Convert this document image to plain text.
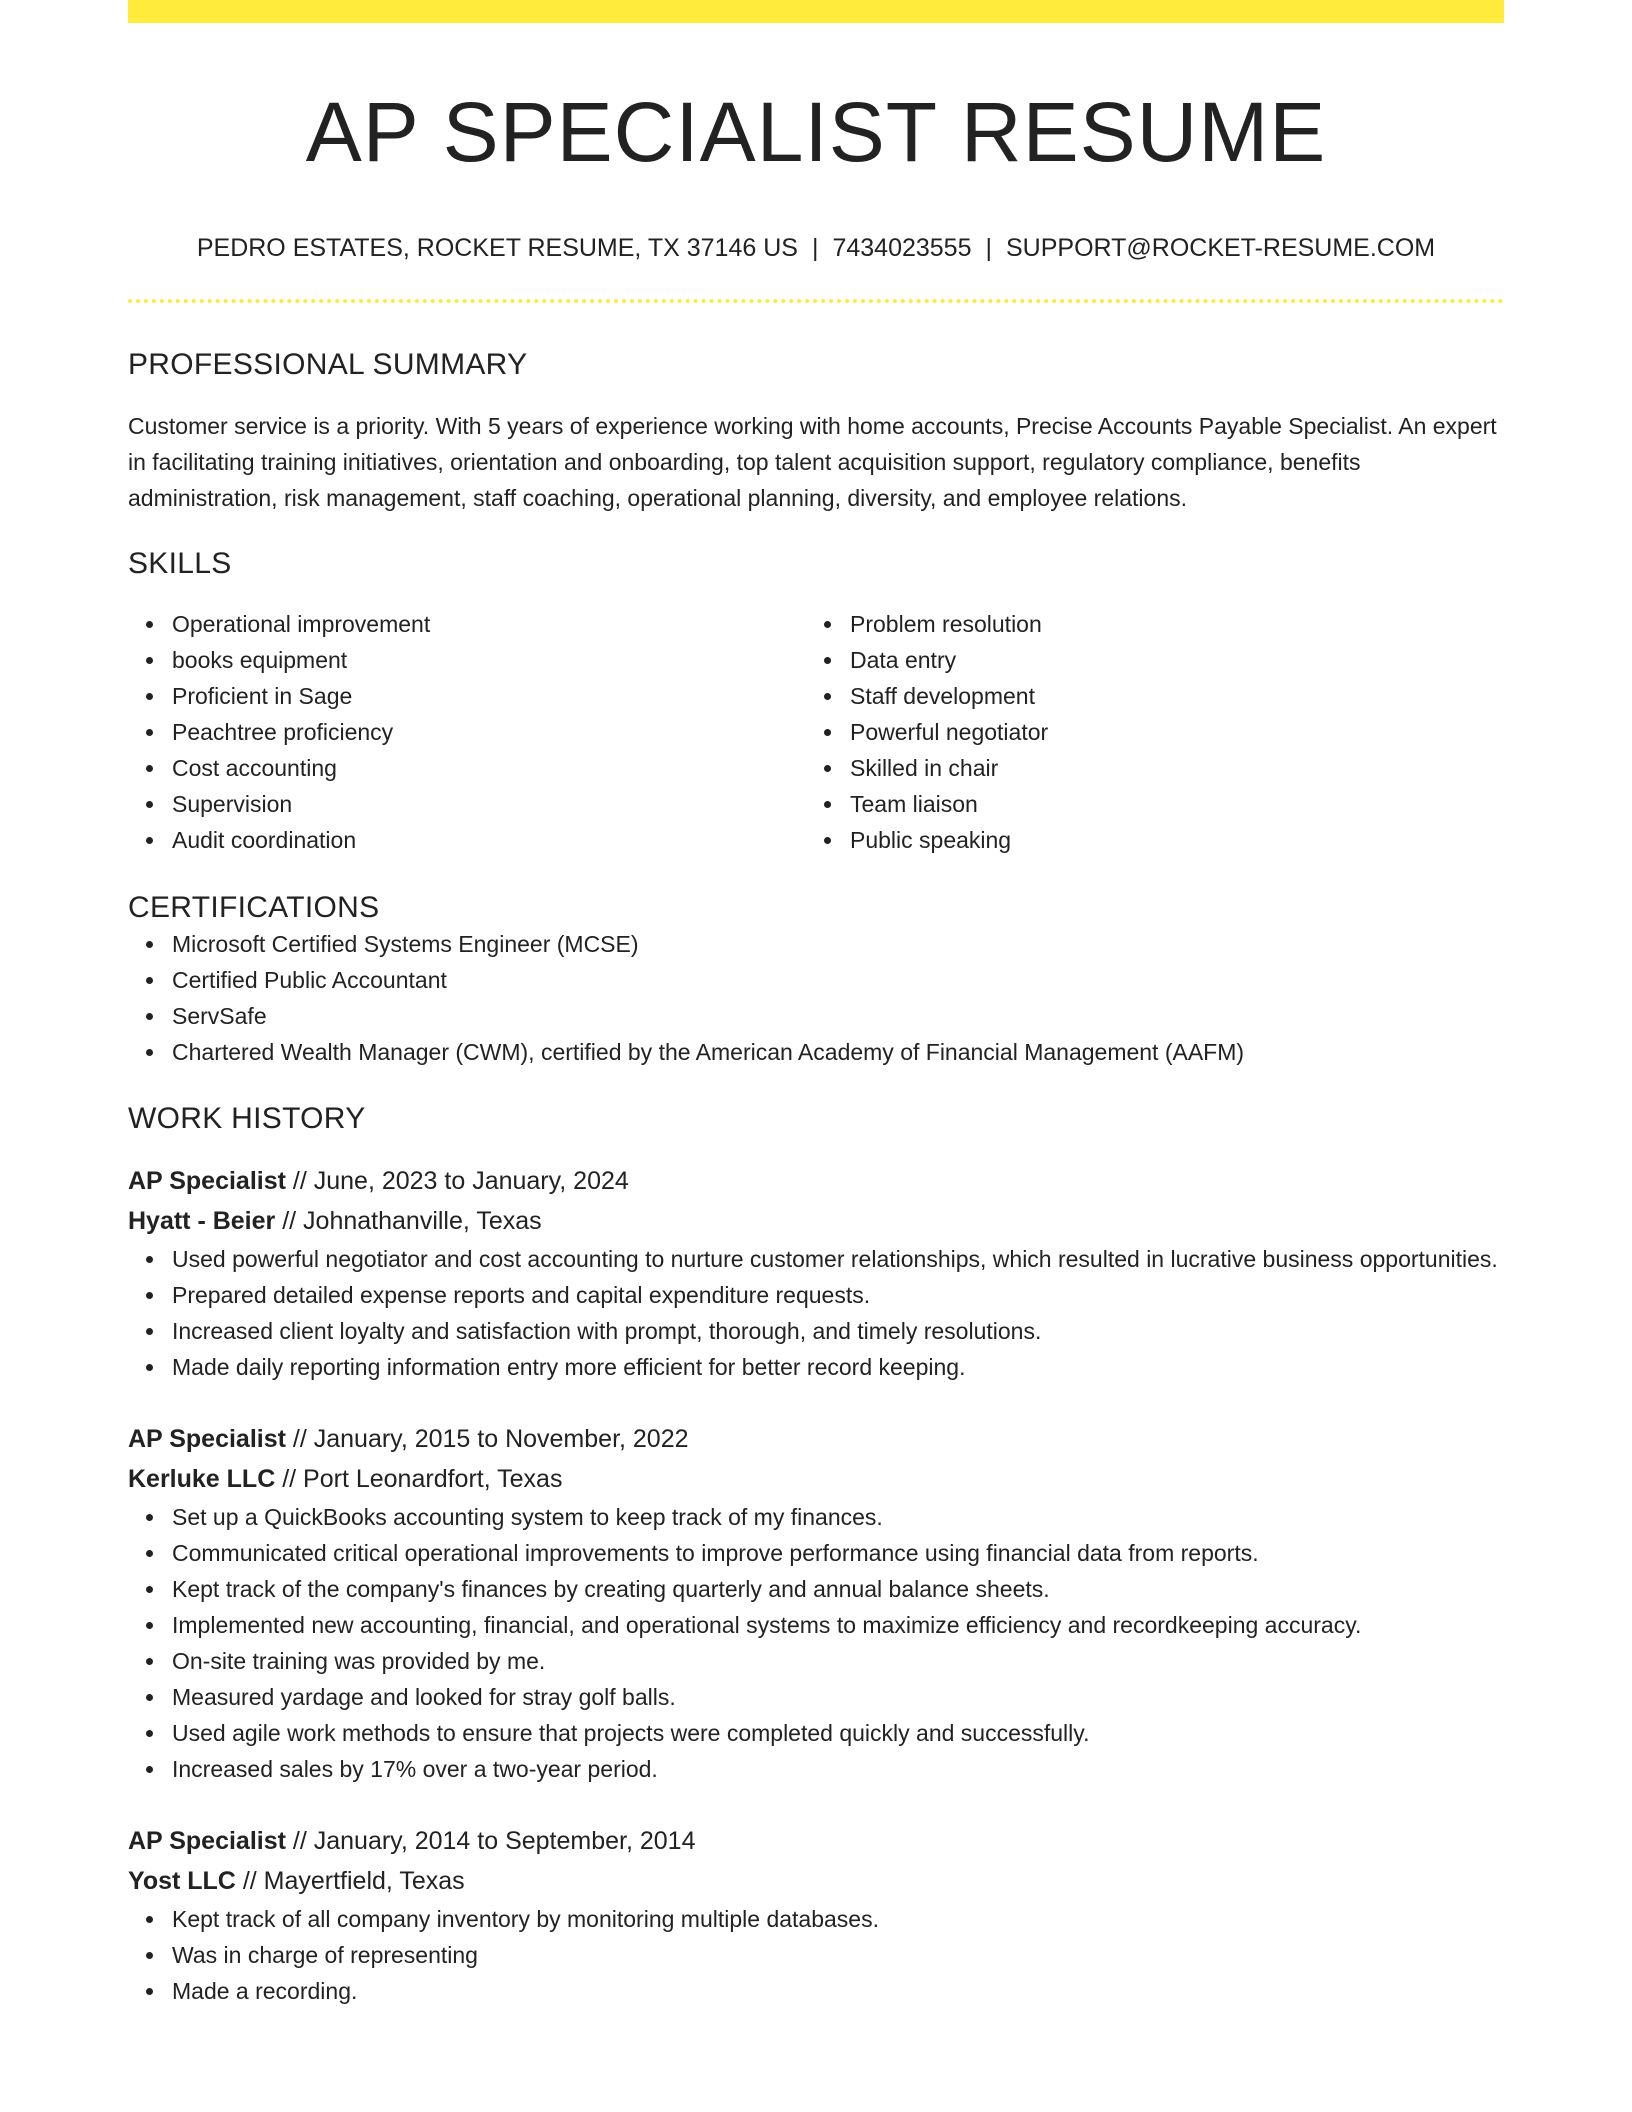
AP SPECIALIST RESUME
PEDRO ESTATES, ROCKET RESUME, TX 37146 US | 7434023555 | SUPPORT@ROCKET-RESUME.COM
PROFESSIONAL SUMMARY

Customer service is a priority. With 5 years of experience working with home accounts, Precise Accounts Payable Specialist. An expert in facilitating training initiatives, orientation and onboarding, top talent acquisition support, regulatory compliance, benefits administration, risk management, staff coaching, operational planning, diversity, and employee relations.

SKILLS
Operational improvement
books equipment
Proficient in Sage
Peachtree proficiency
Cost accounting
Supervision
Audit coordination
Problem resolution
Data entry
Staff development
Powerful negotiator
Skilled in chair
Team liaison
Public speaking
CERTIFICATIONS
Microsoft Certified Systems Engineer (MCSE)
Certified Public Accountant
ServSafe
Chartered Wealth Manager (CWM), certified by the American Academy of Financial Management (AAFM)
WORK HISTORY
AP Specialist // June, 2023 to January, 2024
Hyatt - Beier // Johnathanville, Texas
Used powerful negotiator and cost accounting to nurture customer relationships, which resulted in lucrative business opportunities.
Prepared detailed expense reports and capital expenditure requests.
Increased client loyalty and satisfaction with prompt, thorough, and timely resolutions.
Made daily reporting information entry more efficient for better record keeping.
AP Specialist // January, 2015 to November, 2022
Kerluke LLC // Port Leonardfort, Texas
Set up a QuickBooks accounting system to keep track of my finances.
Communicated critical operational improvements to improve performance using financial data from reports.
Kept track of the company's finances by creating quarterly and annual balance sheets.
Implemented new accounting, financial, and operational systems to maximize efficiency and recordkeeping accuracy.
On-site training was provided by me.
Measured yardage and looked for stray golf balls.
Used agile work methods to ensure that projects were completed quickly and successfully.
Increased sales by 17% over a two-year period.
AP Specialist // January, 2014 to September, 2014
Yost LLC // Mayertfield, Texas
Kept track of all company inventory by monitoring multiple databases.
Was in charge of representing
Made a recording.
